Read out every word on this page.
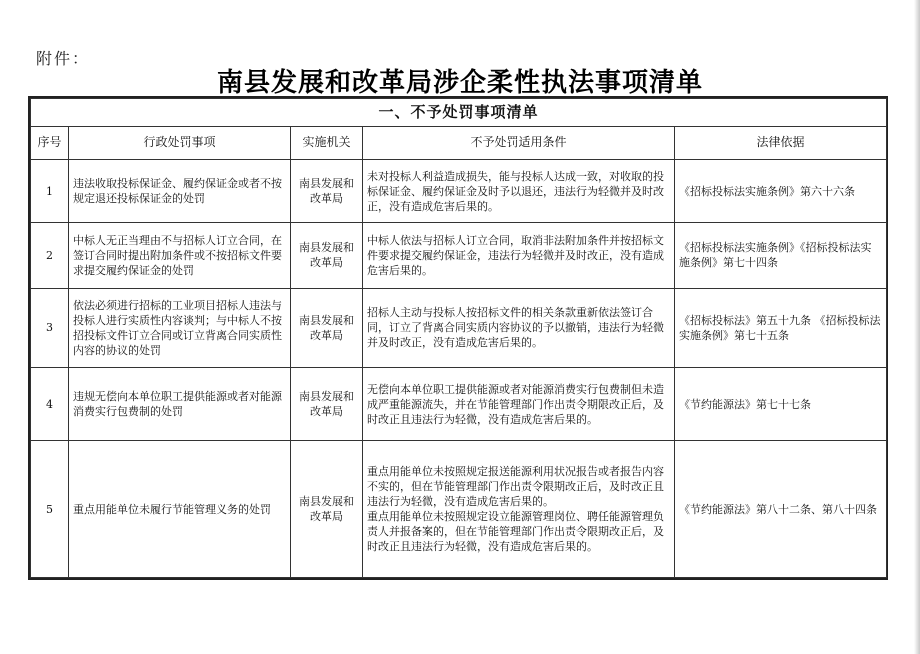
附件：
南县发展和改革局涉企柔性执法事项清单
一、不予处罚事项清单				
序号	行政处罚事项	实施机关	不予处罚适用条件	法律依据
1	违法收取投标保证金、履约保证金或者不按规定退还投标保证金的处罚	南县发展和改革局	未对投标人利益造成损失，能与投标人达成一致，对收取的投标保证金、履约保证金及时予以退还，违法行为轻微并及时改正，没有造成危害后果的。	《招标投标法实施条例》第六十六条
2	中标人无正当理由不与招标人订立合同，在签订合同时提出附加条件或不按招标文件要求提交履约保证金的处罚	南县发展和改革局	中标人依法与招标人订立合同，取消非法附加条件并按招标文件要求提交履约保证金，违法行为轻微并及时改正，没有造成危害后果的。	《招标投标法实施条例》《招标投标法实施条例》第七十四条
3	依法必须进行招标的工业项目招标人违法与投标人进行实质性内容谈判；与中标人不按招投标文件订立合同或订立背离合同实质性内容的协议的处罚	南县发展和改革局	招标人主动与投标人按招标文件的相关条款重新依法签订合同，订立了背离合同实质内容协议的予以撤销，违法行为轻微并及时改正，没有造成危害后果的。	《招标投标法》第五十九条 《招标投标法实施条例》第七十五条
4	违规无偿向本单位职工提供能源或者对能源消费实行包费制的处罚	南县发展和改革局	无偿向本单位职工提供能源或者对能源消费实行包费制但未造成严重能源流失，并在节能管理部门作出责令期限改正后，及时改正且违法行为轻微，没有造成危害后果的。	《节约能源法》第七十七条
5	重点用能单位未履行节能管理义务的处罚	南县发展和改革局	重点用能单位未按照规定报送能源利用状况报告或者报告内容不实的，但在节能管理部门作出责令限期改正后，及时改正且违法行为轻微，没有造成危害后果的。
重点用能单位未按照规定设立能源管理岗位、聘任能源管理负责人并报备案的，但在节能管理部门作出责令限期改正后，及时改正且违法行为轻微，没有造成危害后果的。	《节约能源法》第八十二条、第八十四条
